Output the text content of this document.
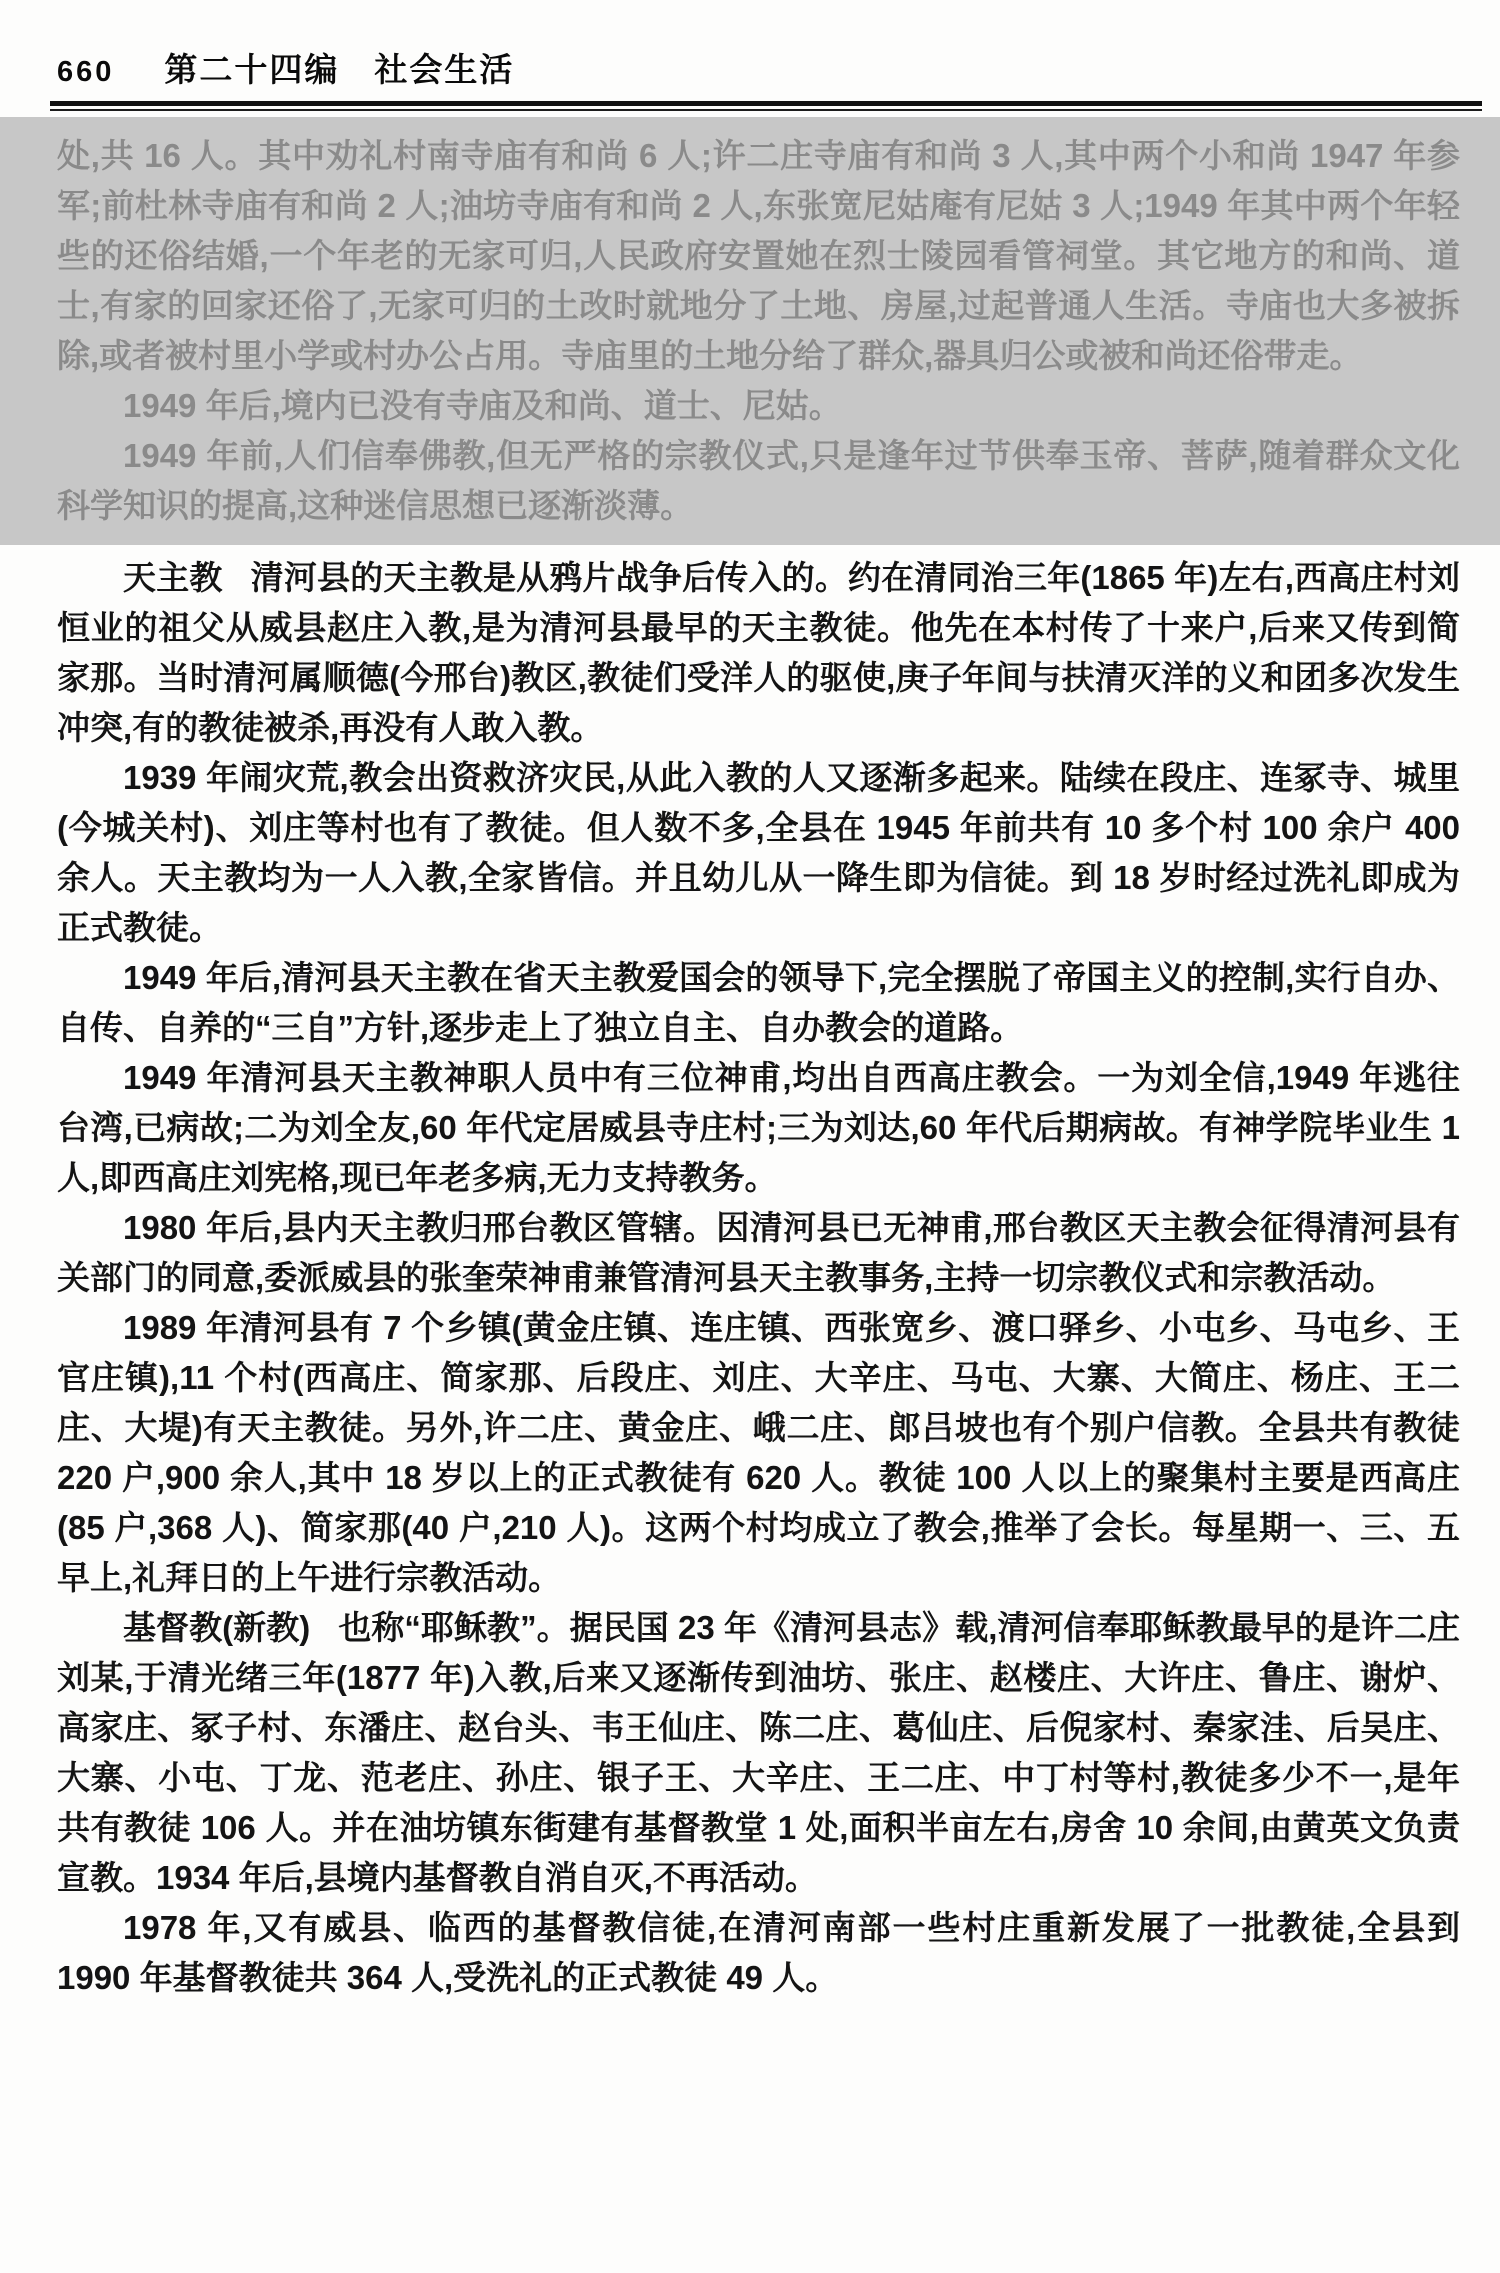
660 第二十四编　社会生活

处,共 16 人。其中劝礼村南寺庙有和尚 6 人;许二庄寺庙有和尚 3 人,其中两个小和尚 1947 年参军;前杜林寺庙有和尚 2 人;油坊寺庙有和尚 2 人,东张宽尼姑庵有尼姑 3 人;1949 年其中两个年轻些的还俗结婚,一个年老的无家可归,人民政府安置她在烈士陵园看管祠堂。其它地方的和尚、道士,有家的回家还俗了,无家可归的土改时就地分了土地、房屋,过起普通人生活。寺庙也大多被拆除,或者被村里小学或村办公占用。寺庙里的土地分给了群众,器具归公或被和尚还俗带走。

1949 年后,境内已没有寺庙及和尚、道士、尼姑。

1949 年前,人们信奉佛教,但无严格的宗教仪式,只是逢年过节供奉玉帝、菩萨,随着群众文化科学知识的提高,这种迷信思想已逐渐淡薄。

天主教 清河县的天主教是从鸦片战争后传入的。约在清同治三年(1865 年)左右,西高庄村刘恒业的祖父从威县赵庄入教,是为清河县最早的天主教徒。他先在本村传了十来户,后来又传到简家那。当时清河属顺德(今邢台)教区,教徒们受洋人的驱使,庚子年间与扶清灭洋的义和团多次发生冲突,有的教徒被杀,再没有人敢入教。

1939 年闹灾荒,教会出资救济灾民,从此入教的人又逐渐多起来。陆续在段庄、连冢寺、城里(今城关村)、刘庄等村也有了教徒。但人数不多,全县在 1945 年前共有 10 多个村 100 余户 400 余人。天主教均为一人入教,全家皆信。并且幼儿从一降生即为信徒。到 18 岁时经过洗礼即成为正式教徒。

1949 年后,清河县天主教在省天主教爱国会的领导下,完全摆脱了帝国主义的控制,实行自办、自传、自养的“三自”方针,逐步走上了独立自主、自办教会的道路。

1949 年清河县天主教神职人员中有三位神甫,均出自西高庄教会。一为刘全信,1949 年逃往台湾,已病故;二为刘全友,60 年代定居威县寺庄村;三为刘达,60 年代后期病故。有神学院毕业生 1 人,即西高庄刘宪格,现已年老多病,无力支持教务。

1980 年后,县内天主教归邢台教区管辖。因清河县已无神甫,邢台教区天主教会征得清河县有关部门的同意,委派威县的张奎荣神甫兼管清河县天主教事务,主持一切宗教仪式和宗教活动。

1989 年清河县有 7 个乡镇(黄金庄镇、连庄镇、西张宽乡、渡口驿乡、小屯乡、马屯乡、王官庄镇),11 个村(西高庄、简家那、后段庄、刘庄、大辛庄、马屯、大寨、大简庄、杨庄、王二庄、大堤)有天主教徒。另外,许二庄、黄金庄、峨二庄、郎吕坡也有个别户信教。全县共有教徒 220 户,900 余人,其中 18 岁以上的正式教徒有 620 人。教徒 100 人以上的聚集村主要是西高庄(85 户,368 人)、简家那(40 户,210 人)。这两个村均成立了教会,推举了会长。每星期一、三、五早上,礼拜日的上午进行宗教活动。

基督教(新教) 也称“耶稣教”。据民国 23 年《清河县志》载,清河信奉耶稣教最早的是许二庄刘某,于清光绪三年(1877 年)入教,后来又逐渐传到油坊、张庄、赵楼庄、大许庄、鲁庄、谢炉、高家庄、冢子村、东潘庄、赵台头、韦王仙庄、陈二庄、葛仙庄、后倪家村、秦家洼、后吴庄、大寨、小屯、丁龙、范老庄、孙庄、银子王、大辛庄、王二庄、中丁村等村,教徒多少不一,是年共有教徒 106 人。并在油坊镇东街建有基督教堂 1 处,面积半亩左右,房舍 10 余间,由黄英文负责宣教。1934 年后,县境内基督教自消自灭,不再活动。

1978 年,又有威县、临西的基督教信徒,在清河南部一些村庄重新发展了一批教徒,全县到 1990 年基督教徒共 364 人,受洗礼的正式教徒 49 人。
